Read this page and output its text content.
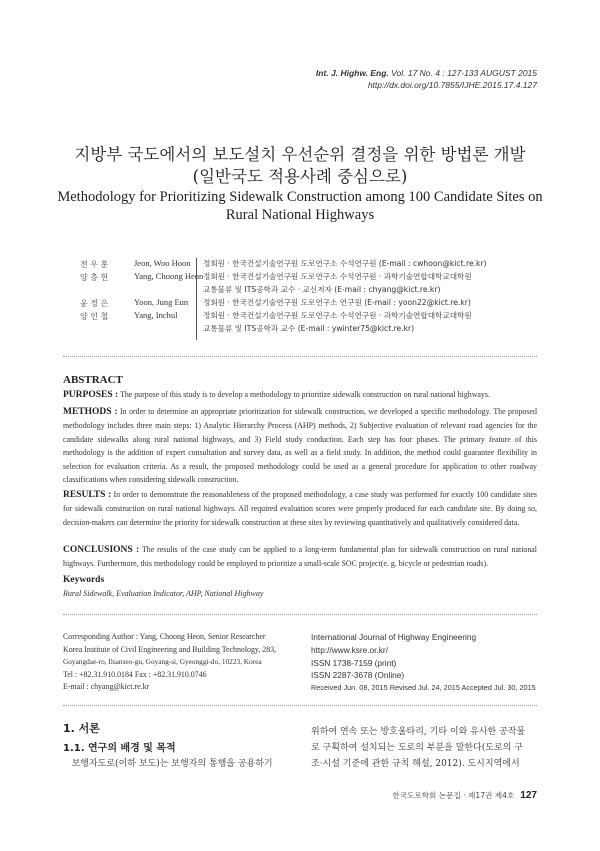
Int. J. Highw. Eng. Vol. 17 No. 4 : 127-133 AUGUST 2015
http://dx.doi.org/10.7855/IJHE.2015.17.4.127
지방부 국도에서의 보도설치 우선순위 결정을 위한 방법론 개발
(일반국도 적용사례 중심으로)
Methodology for Prioritizing Sidewalk Construction among 100 Candidate Sites on
Rural National Highways
전 우 훈	Jeon, Woo Hoon 정회원 · 한국건설기술연구원 도로연구소 수석연구원 (E-mail : cwhoon@kict.re.kr)
양 충 헌	Yang, Choong Heon 정회원 · 한국건설기술연구원 도로연구소 수석연구원 · 과학기술연합대학교대학원
교통물류 및 ITS공학과 교수 · 교신저자 (E-mail : chyang@kict.re.kr)
윤 정 은	Yoon, Jung Eun 정회원 · 한국건설기술연구원 도로연구소 연구원 (E-mail : yoon22@kict.re.kr)
양 인 철	Yang, Inchul	정회원 · 한국건설기술연구원 도로연구소 수석연구원 · 과학기술연합대학교대학원
교통물류 및 ITS공학과 교수 (E-mail : ywinter75@kict.re.kr)
ABSTRACT
PURPOSES : The purpose of this study is to develop a methodology to prioritize sidewalk construction on rural national highways.
METHODS : In order to determine an appropriate prioritization for sidewalk construction, we developed a specific methodology. The proposed methodology includes three main steps: 1) Analytic Hierarchy Process (AHP) methods, 2) Subjective evaluation of relevant road agencies for the candidate sidewalks along rural national highways, and 3) Field study conduction. Each step has four phases. The primary feature of this methodology is the addition of expert consultation and survey data, as well as a field study. In addition, the method could guarantee flexibility in selection for evaluation criteria. As a result, the proposed methodology could be used as a general procedure for application to other roadway classifications when considering sidewalk construction.
RESULTS : In order to demonstrate the reasonableness of the proposed methodology, a case study was performed for exactly 100 candidate sites for sidewalk construction on rural national highways. All required evaluation scores were properly produced for each candidate site. By doing so, decision-makers can determine the priority for sidewalk construction at these sites by reviewing quantitatively and qualitatively considered data.
CONCLUSIONS : The results of the case study can be applied to a long-term fundamental plan for sidewalk construction on rural national highways. Furthermore, this methodology could be employed to prioritize a small-scale SOC project(e. g. bicycle or pedestrian roads).
Keywords
Rural Sidewalk, Evaluation Indicator, AHP, National Highway
Corresponding Author : Yang, Choong Heon, Senior Researcher
Korea Institute of Civil Engineering and Building Technology, 283,
Goyangdae-ro, Ilsanseo-gu, Goyang-si, Gyeonggi-do, 10223, Korea
Tel : +82.31.910.0184 Fax : +82.31.910.0746
E-mail : chyang@kict.re.kr
International Journal of Highway Engineering
http://www.ksre.or.kr/
ISSN 1738-7159 (print)
ISSN 2287-3678 (Online)
Received Jun. 08, 2015 Revised Jul. 24, 2015 Accepted Jul. 30, 2015
1. 서론
1.1. 연구의 배경 및 목적
보행자도로(이하 보도)는 보행자의 통행을 공용하기
위하여 연속 또는 방호울타리, 기타 이와 유사한 공작물
로 구획하여 설치되는 도로의 부분을 말한다(도로의 구
조·시설 기준에 관한 규칙 해설, 2012). 도시지역에서
한국도로학회 논문집 · 제17권 제4호 127
